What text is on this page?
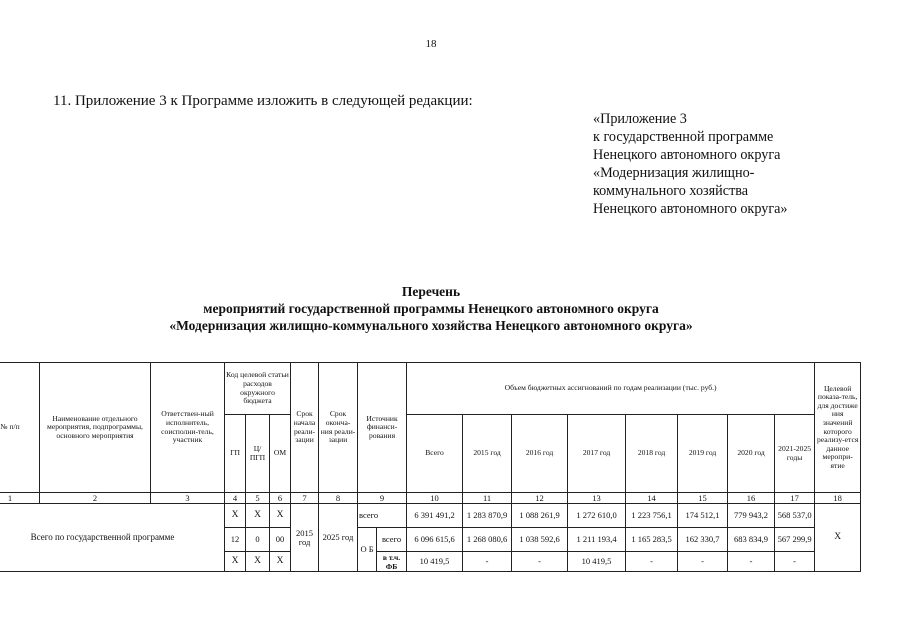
18
11. Приложение 3 к Программе изложить в следующей редакции:
«Приложение 3
к государственной программе
Ненецкого автономного округа
«Модернизация жилищно-
коммунального хозяйства
Ненецкого автономного округа»
Перечень
мероприятий государственной программы Ненецкого автономного округа
«Модернизация жилищно-коммунального хозяйства Ненецкого автономного округа»
№ п/п	Наименование отдельного мероприятия, подпрограммы, основного мероприятия	Ответствен-ный исполнитель, соисполни-тель, участник	Код целевой статьи расходов окружного бюджета			Срок начала реали-зации	Срок оконча-ния реали-зации	Источник финанси-рования		Объем бюджетных ассигнований по годам реализации (тыс. руб.)								Целевой показа-тель, для достиже ния значений которого реализу-ется данное меропри-ятие
			ГП	Ц/ПГП	ОМ					Всего	2015 год	2016 год	2017 год	2018 год	2019 год	2020 год	2021-2025 годы	
1	2	3	4	5	6	7	8	9		10	11	12	13	14	15	16	17	18
Всего по государственной программе			Х	Х	Х	2015 год	2025 год	всего		6 391 491,2	1 283 870,9	1 088 261,9	1 272 610,0	1 223 756,1	174 512,1	779 943,2	568 537,0	Х
			12	0	00			О Б	всего	6 096 615,6	1 268 080,6	1 038 592,6	1 211 193,4	1 165 283,5	162 330,7	683 834,9	567 299,9	
			Х	Х	Х				в т.ч. ФБ	10 419,5	-	-	10 419,5	-	-	-	-	
